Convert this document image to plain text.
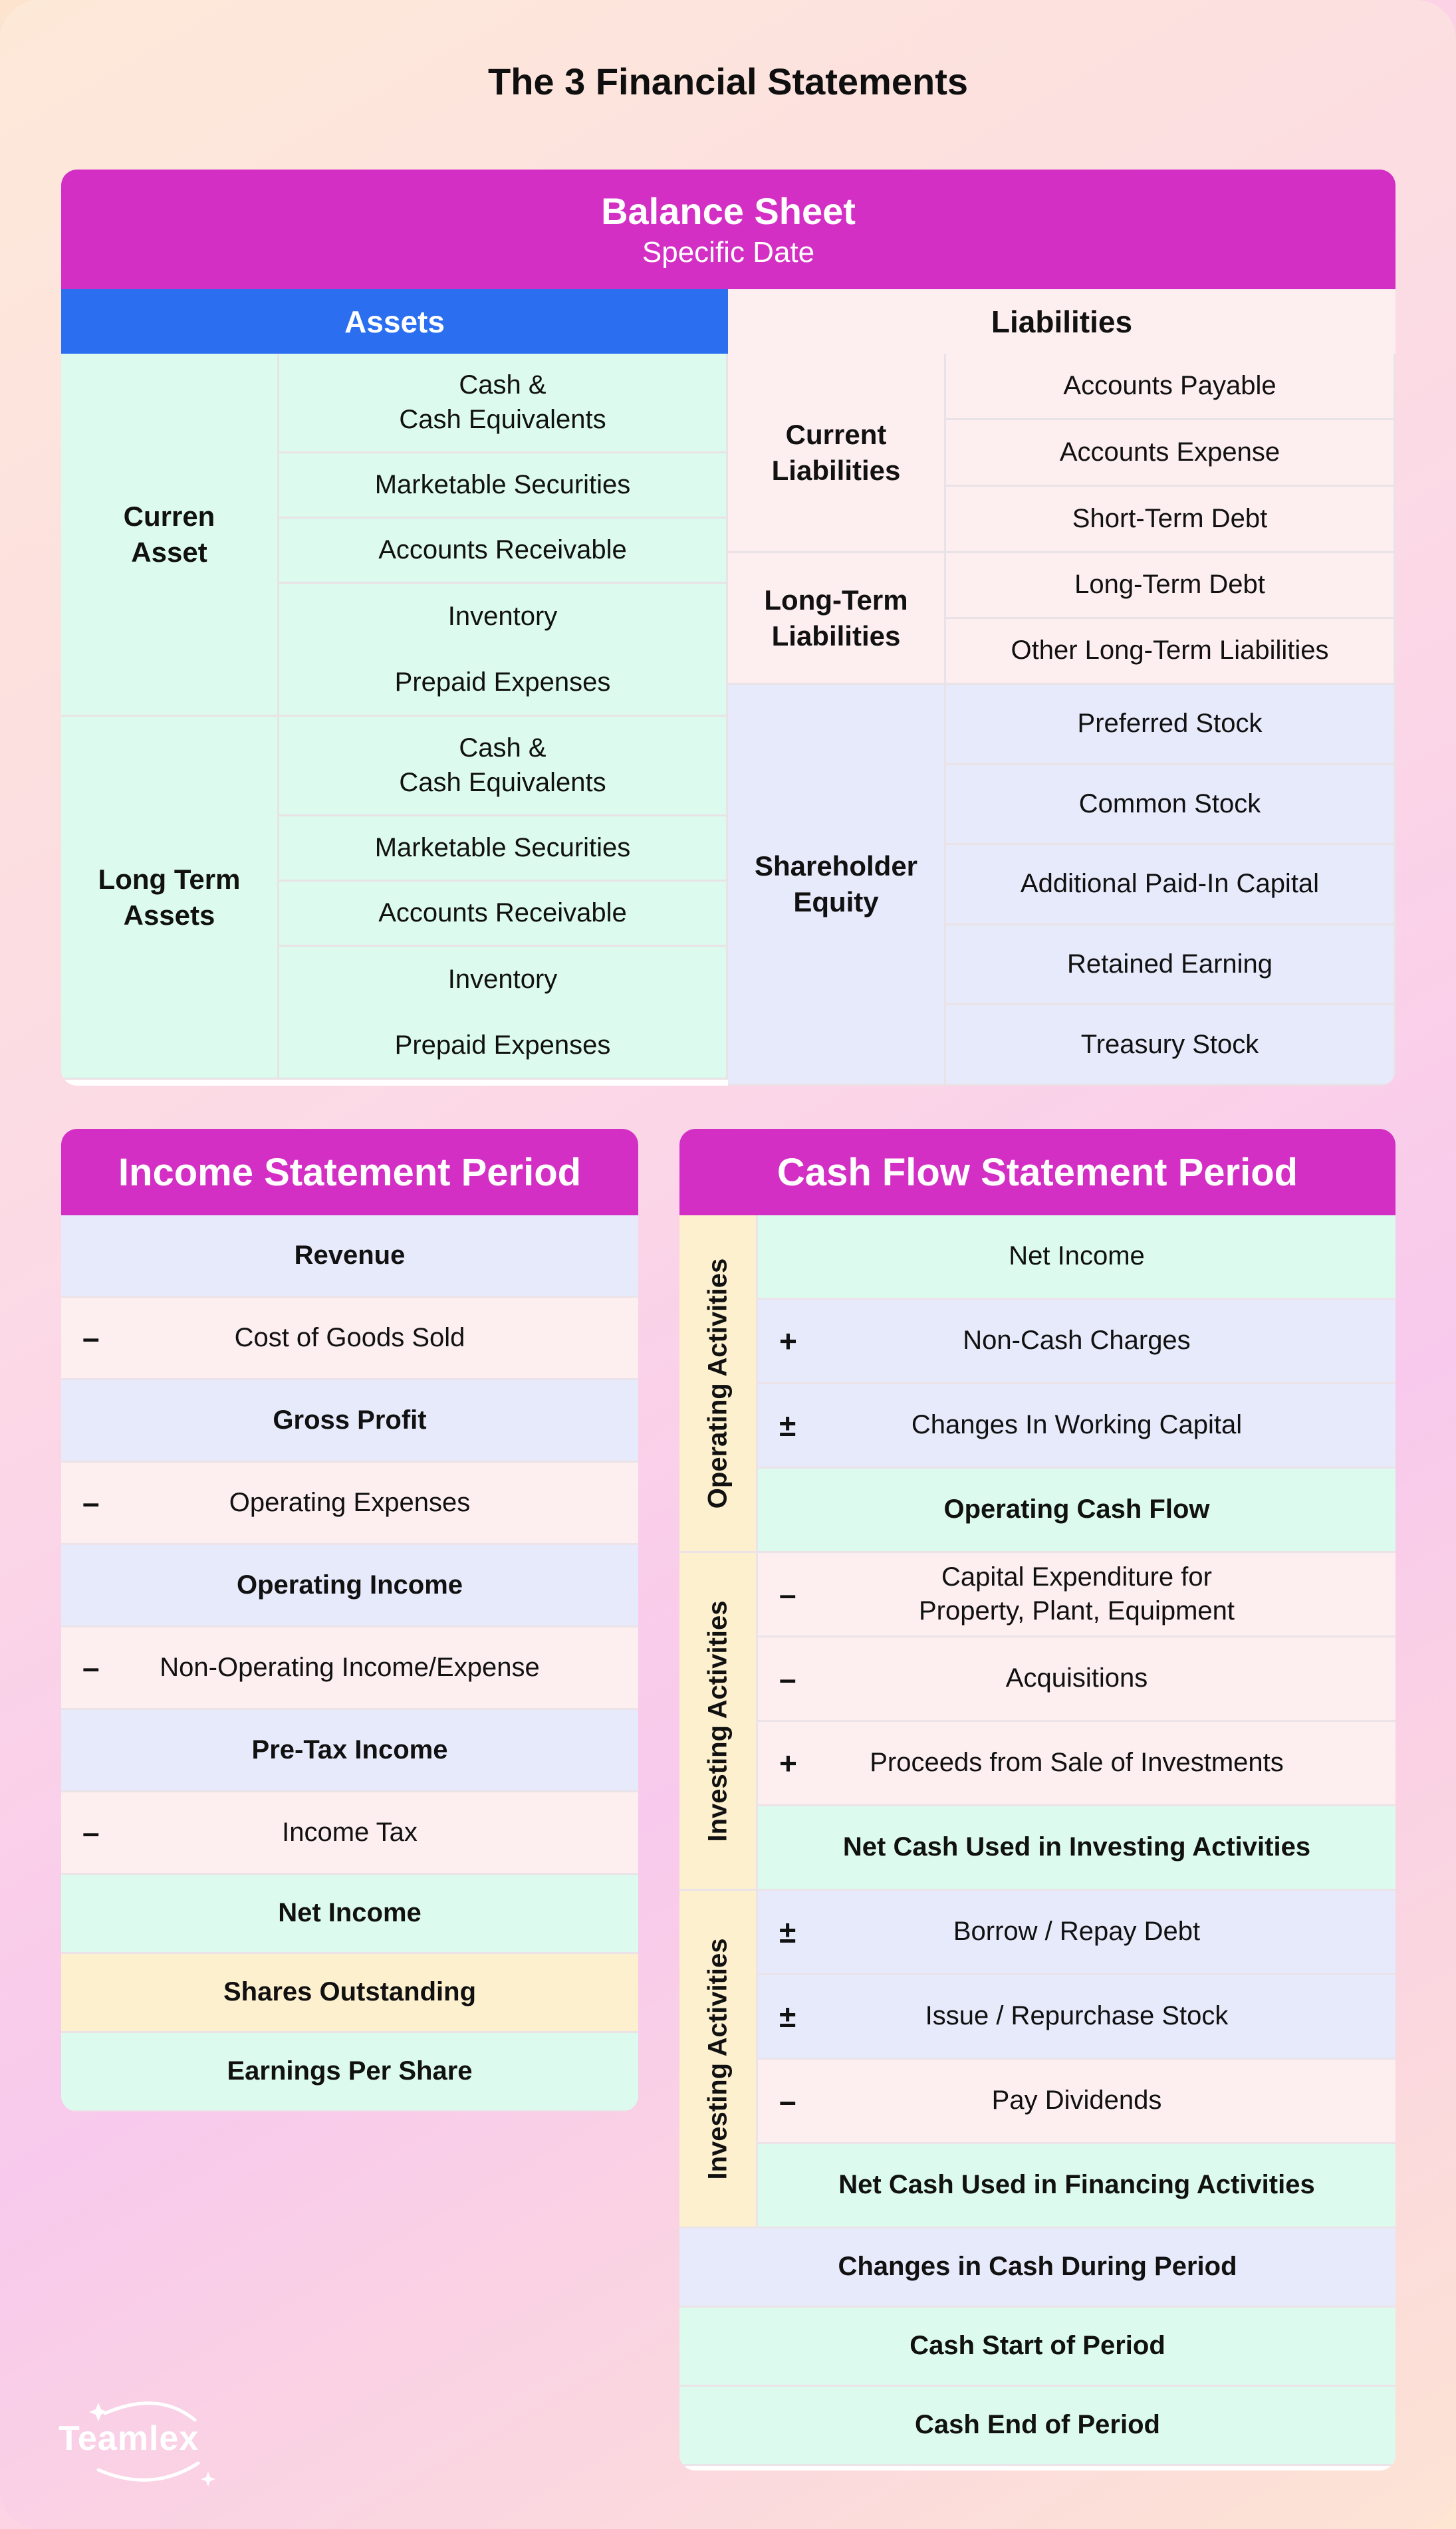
The 3 Financial Statements
Balance Sheet
Specific Date
Assets	Liabilities
Curren
Asset
Cash &
Cash Equivalents
Marketable Securities
Accounts Receivable
Inventory
Prepaid Expenses
Long Term
Assets
Cash &
Cash Equivalents
Marketable Securities
Accounts Receivable
Inventory
Prepaid Expenses
Current
Liabilities
Accounts Payable
Accounts Expense
Short-Term Debt
Long-Term
Liabilities
Long-Term Debt
Other Long-Term Liabilities
Shareholder
Equity
Preferred Stock
Common Stock
Additional Paid-In Capital
Retained Earning
Treasury Stock
Income Statement Period
Revenue
Cost of Goods Sold
–
Gross Profit
Operating Expenses
–
Operating Income
Non-Operating Income/Expense
–
Pre-Tax Income
Income Tax
–
Net Income
Shares Outstanding
Earnings Per Share
Cash Flow Statement Period
Operating Activities
Net Income
Non-Cash Charges
+
Changes In Working Capital
±
Operating Cash Flow
Investing Activities
Capital Expenditure for
Property, Plant, Equipment
–
Acquisitions
–
Proceeds from Sale of Investments
+
Net Cash Used in Investing Activities
Investing Activities
Borrow / Repay Debt
±
Issue / Repurchase Stock
±
Pay Dividends
–
Net Cash Used in Financing Activities
Changes in Cash During Period
Cash Start of Period
Cash End of Period
Teamlex
